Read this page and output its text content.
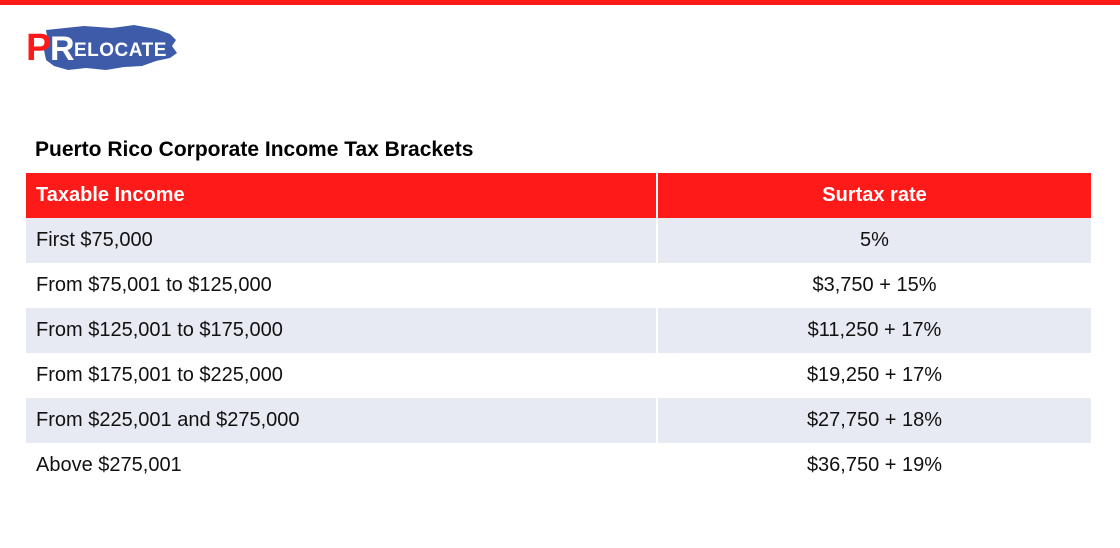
P
R ELOCATE
Puerto Rico Corporate Income Tax Brackets
Taxable Income	Surtax rate
First $75,000	5%
From $75,001 to $125,000	$3,750 + 15%
From $125,001 to $175,000	$11,250 + 17%
From $175,001 to $225,000	$19,250 + 17%
From $225,001 and $275,000	$27,750 + 18%
Above $275,001	$36,750 + 19%
